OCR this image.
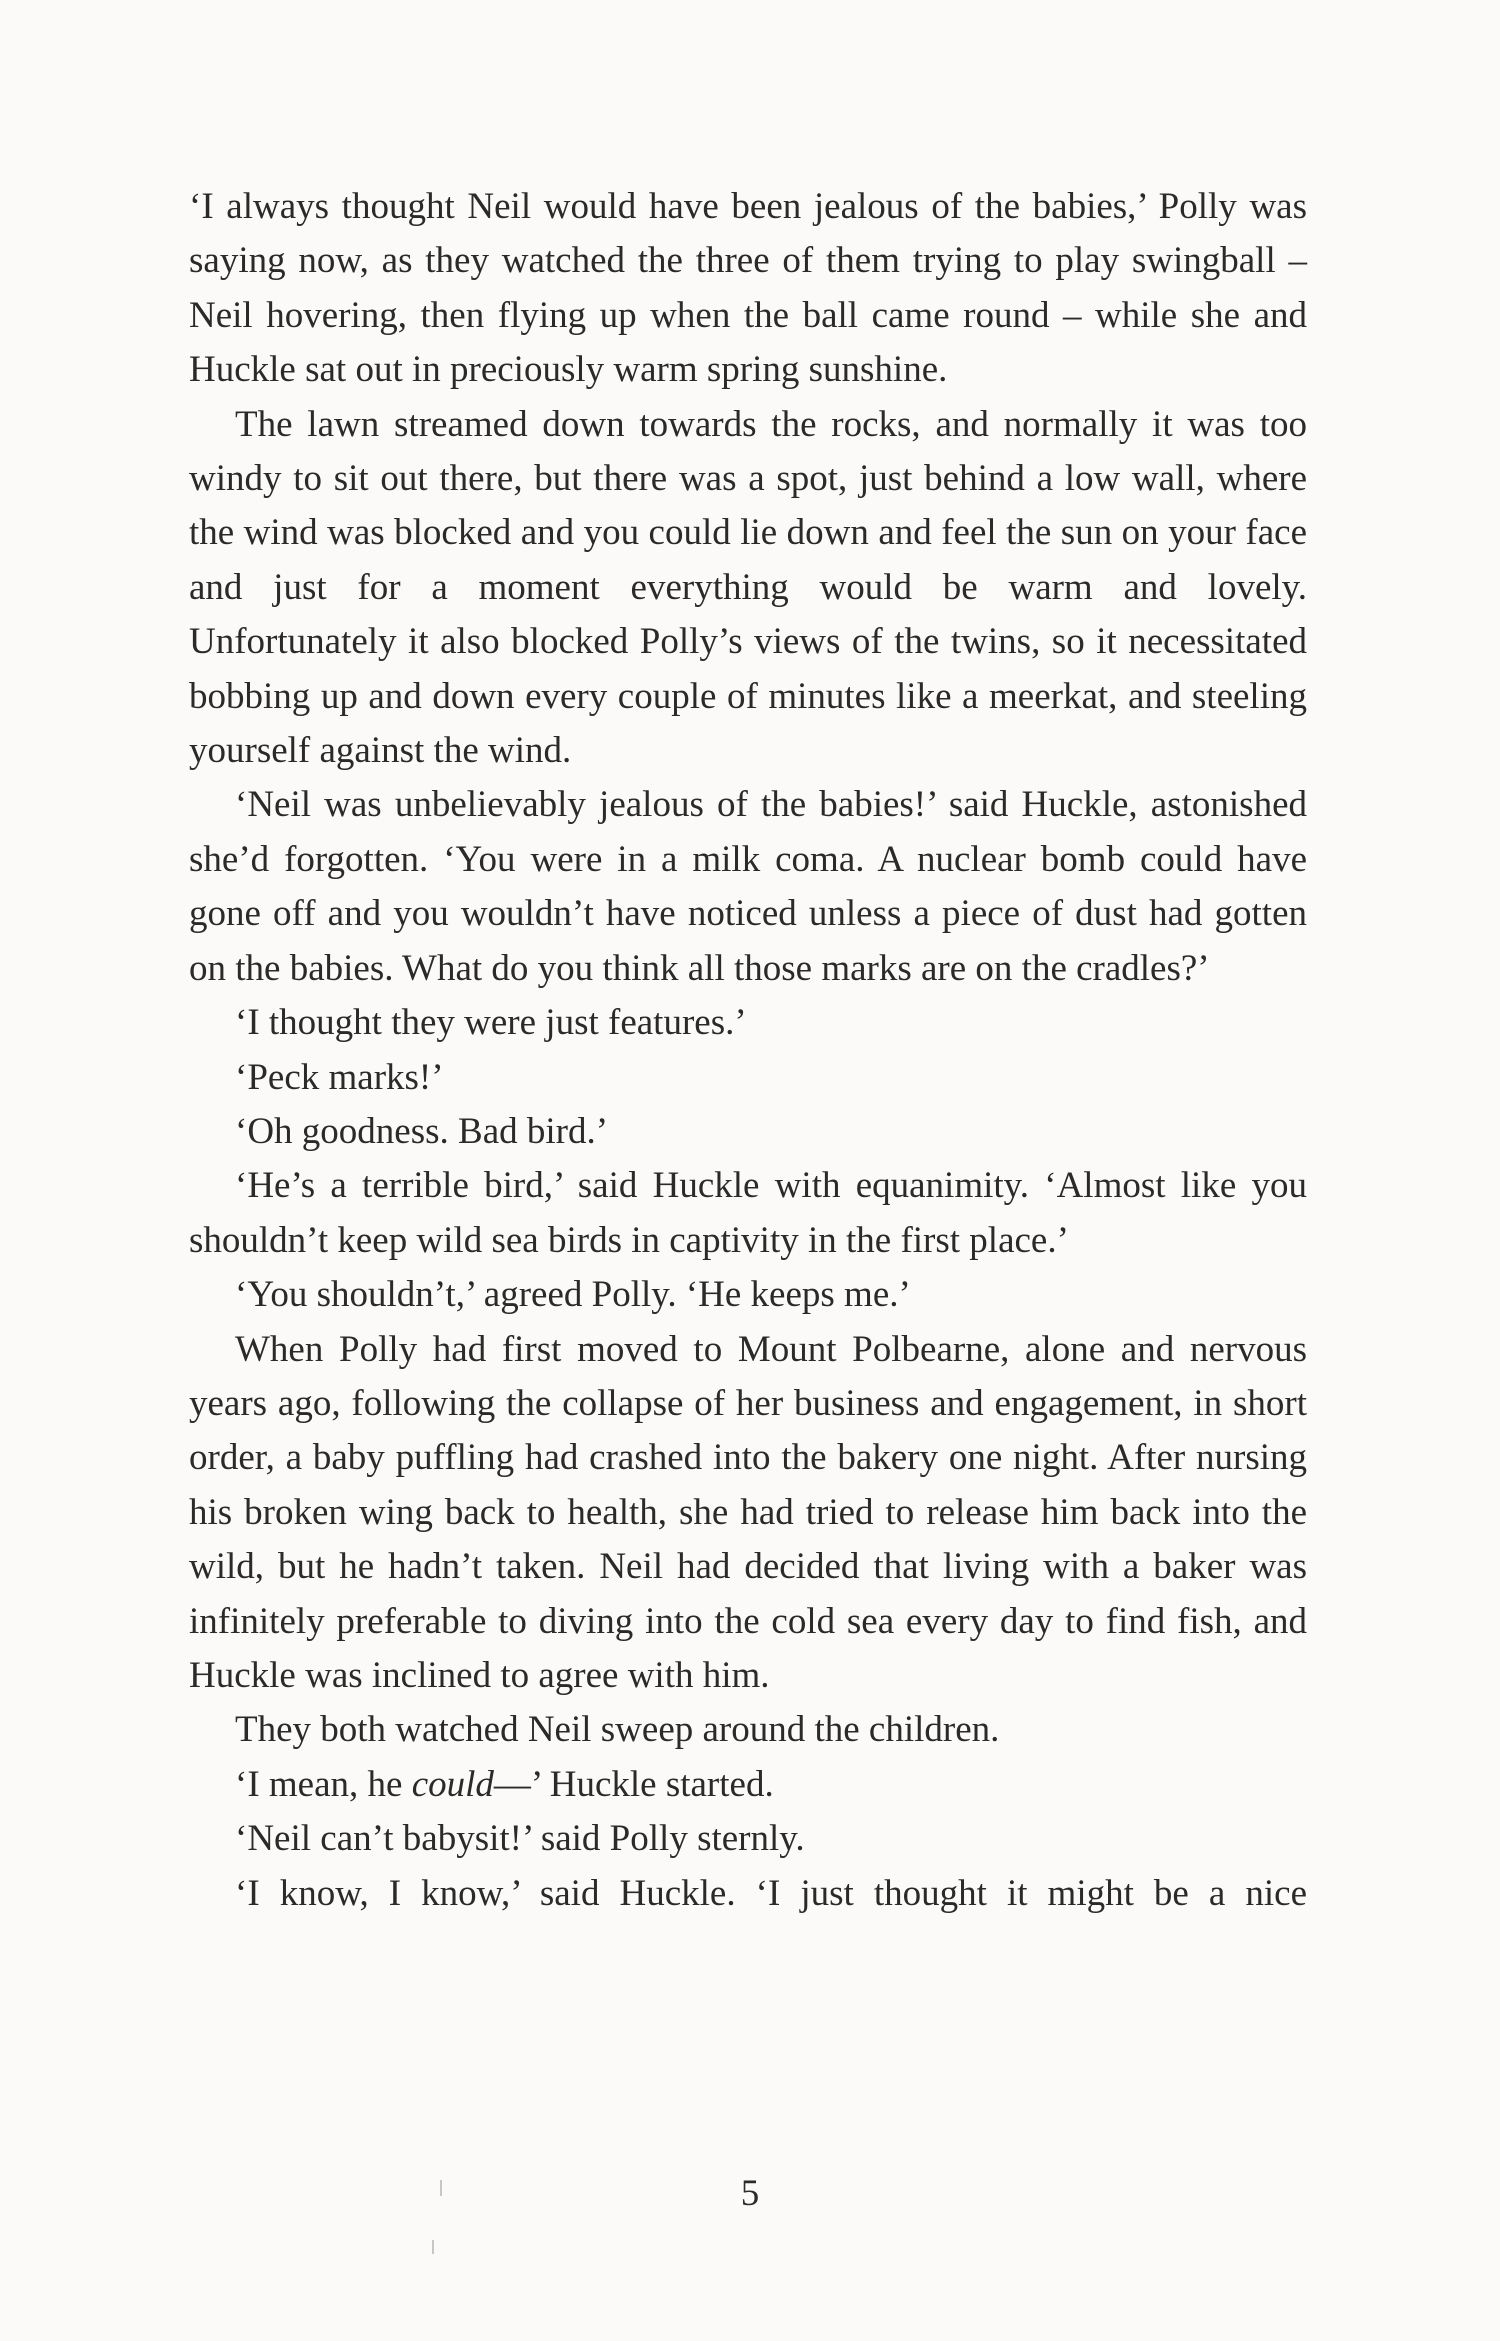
‘I always thought Neil would have been jealous of the babies,’ Polly was saying now, as they watched the three of them trying to play swingball – Neil hovering, then flying up when the ball came round – while she and Huckle sat out in preciously warm spring sunshine.

The lawn streamed down towards the rocks, and normally it was too windy to sit out there, but there was a spot, just behind a low wall, where the wind was blocked and you could lie down and feel the sun on your face and just for a moment everything would be warm and lovely. Unfortunately it also blocked Polly’s views of the twins, so it necessitated bobbing up and down every couple of minutes like a meerkat, and steeling yourself against the wind.

‘Neil was unbelievably jealous of the babies!’ said Huckle, astonished she’d forgotten. ‘You were in a milk coma. A nuclear bomb could have gone off and you wouldn’t have noticed unless a piece of dust had gotten on the babies. What do you think all those marks are on the cradles?’

‘I thought they were just features.’

‘Peck marks!’

‘Oh goodness. Bad bird.’

‘He’s a terrible bird,’ said Huckle with equanimity. ‘Almost like you shouldn’t keep wild sea birds in captivity in the first place.’

‘You shouldn’t,’ agreed Polly. ‘He keeps me.’

When Polly had first moved to Mount Polbearne, alone and nervous years ago, following the collapse of her business and engagement, in short order, a baby puffling had crashed into the bakery one night. After nursing his broken wing back to health, she had tried to release him back into the wild, but he hadn’t taken. Neil had decided that living with a baker was infinitely preferable to diving into the cold sea every day to find fish, and Huckle was inclined to agree with him.

They both watched Neil sweep around the children.

‘I mean, he could—’ Huckle started.

‘Neil can’t babysit!’ said Polly sternly.

‘I know, I know,’ said Huckle. ‘I just thought it might be a nice

5
